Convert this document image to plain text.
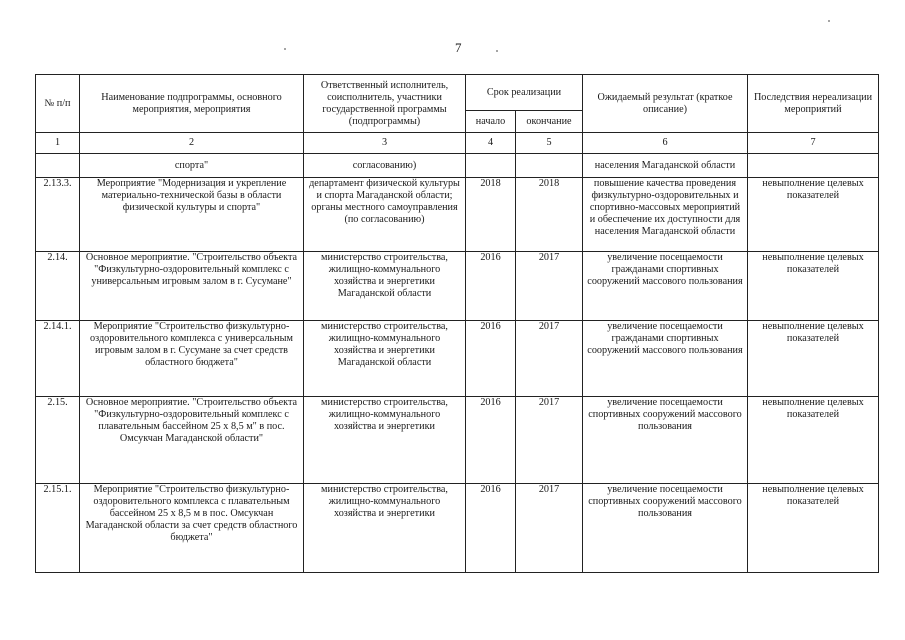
7
№ п/п	Наименование подпрограммы, основного мероприятия, мероприятия	Ответственный исполнитель, соисполнитель, участники государственной программы (подпрограммы)	Срок реализации		Ожидаемый результат (краткое описание)	Последствия нереализации мероприятий
			начало	окончание		
1	2	3	4	5	6	7
	спорта"	согласованию)			населения Магаданской области	
2.13.3.	Мероприятие "Модернизация и укрепление материально-технической базы в области физической культуры и спорта"	департамент физической культуры и спорта Магаданской области; органы местного самоуправления (по согласованию)	2018	2018	повышение качества проведения физкультурно-оздоровительных и спортивно-массовых мероприятий и обеспечение их доступности для населения Магаданской области	невыполнение целевых показателей
2.14.	Основное мероприятие. "Строительство объекта "Физкультурно-оздоровительный комплекс с универсальным игровым залом в г. Сусумане"	министерство строительства, жилищно-коммунального хозяйства и энергетики Магаданской области	2016	2017	увеличение посещаемости гражданами спортивных сооружений массового пользования	невыполнение целевых показателей
2.14.1.	Мероприятие "Строительство физкультурно-оздоровительного комплекса с универсальным игровым залом в г. Сусумане за счет средств областного бюджета"	министерство строительства, жилищно-коммунального хозяйства и энергетики Магаданской области	2016	2017	увеличение посещаемости гражданами спортивных сооружений массового пользования	невыполнение целевых показателей
2.15.	Основное мероприятие. "Строительство объекта "Физкультурно-оздоровительный комплекс с плавательным бассейном 25 х 8,5 м" в пос. Омсукчан Магаданской области"	министерство строительства, жилищно-коммунального хозяйства и энергетики	2016	2017	увеличение посещаемости спортивных сооружений массового пользования	невыполнение целевых показателей
2.15.1.	Мероприятие "Строительство физкультурно-оздоровительного комплекса с плавательным бассейном 25 х 8,5 м в пос. Омсукчан Магаданской области за счет средств областного бюджета"	министерство строительства, жилищно-коммунального хозяйства и энергетики	2016	2017	увеличение посещаемости спортивных сооружений массового пользования	невыполнение целевых показателей
